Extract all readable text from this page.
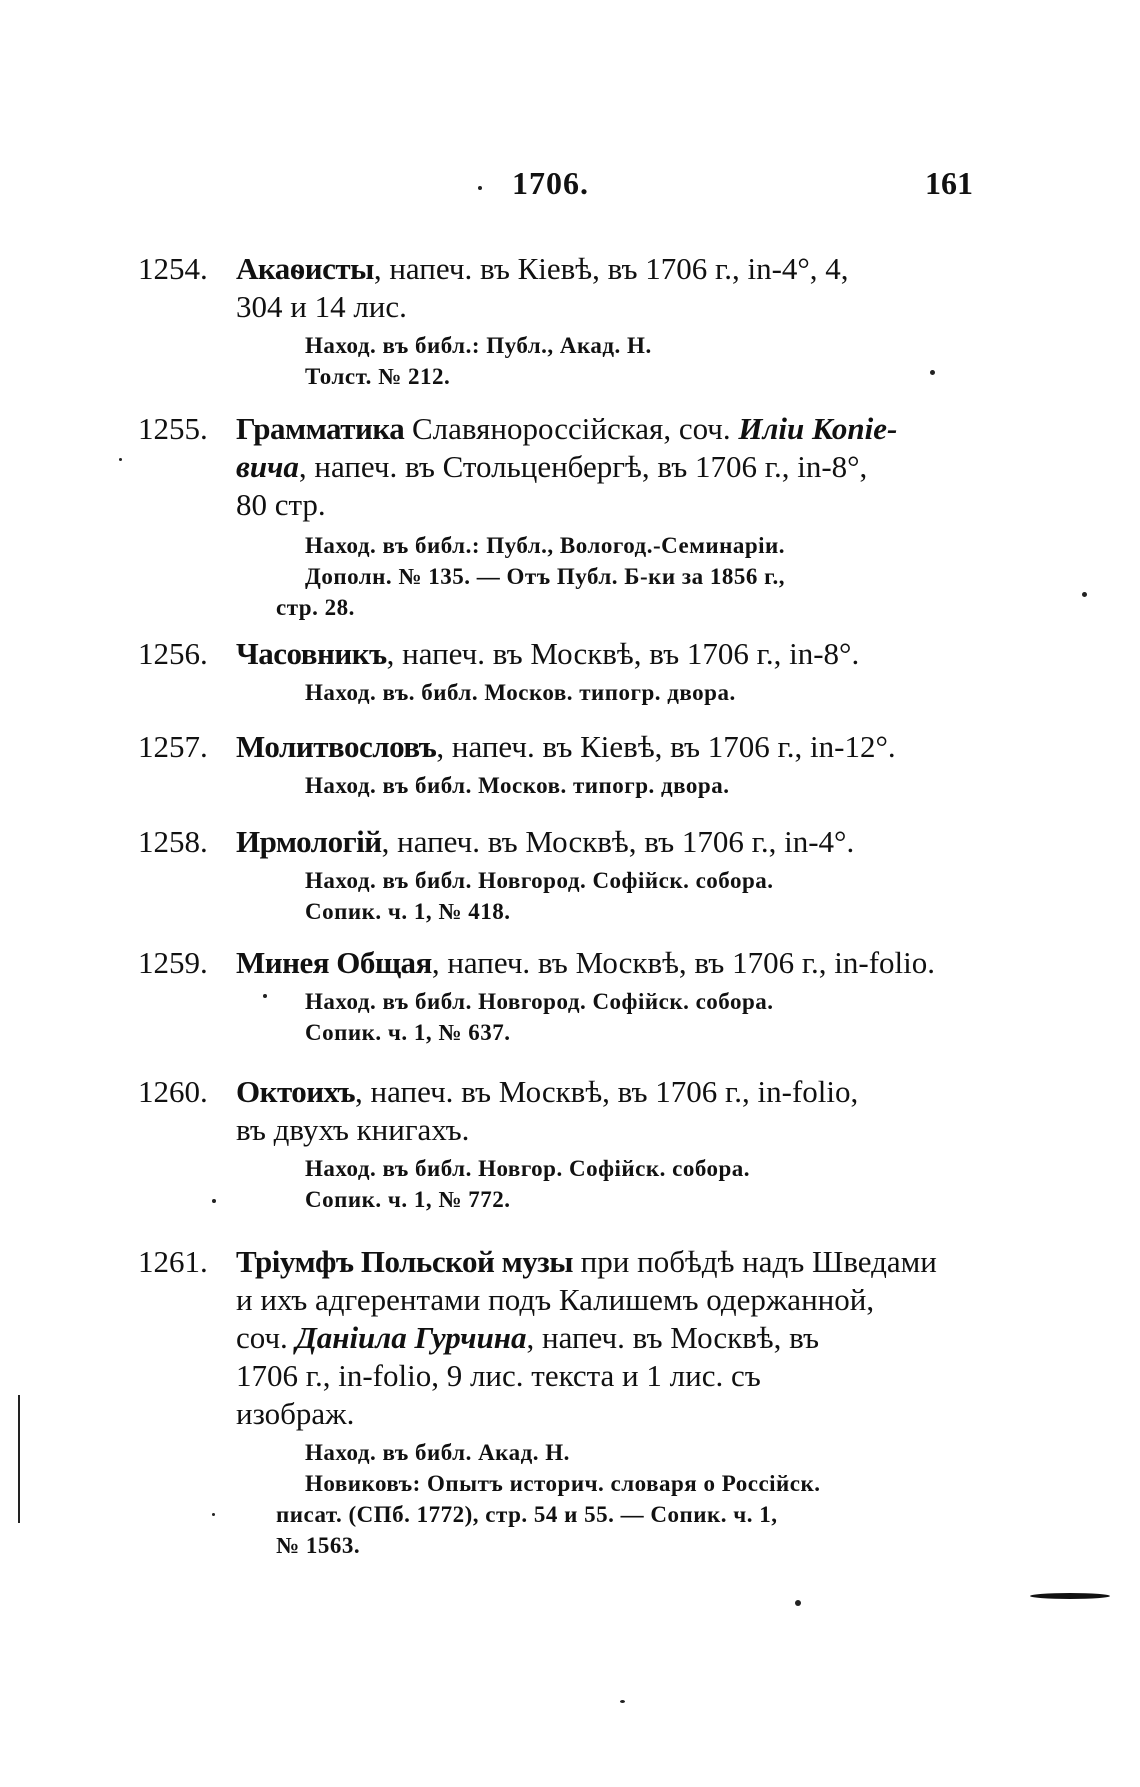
1706.	161
1254. Акаѳисты, напеч. въ Кіевѣ, въ 1706 г., in-4°, 4,
304 и 14 лис.
Наход. въ библ.: Публ., Акад. Н.
Толст. № 212.
1255. Грамматика Славянороссійская, соч. Иліи Копіе-
вича, напеч. въ Стольценбергѣ, въ 1706 г., in-8°,
80 стр.
Наход. въ библ.: Публ., Вологод.-Семинаріи.
Дополн. № 135. — Отъ Публ. Б-ки за 1856 г.,
стр. 28.
1256. Часовникъ, напеч. въ Москвѣ, въ 1706 г., in-8°.
Наход. въ. библ. Москов. типогр. двора.
1257. Молитвословъ, напеч. въ Кіевѣ, въ 1706 г., in-12°.
Наход. въ библ. Москов. типогр. двора.
1258. Ирмологій, напеч. въ Москвѣ, въ 1706 г., in-4°.
Наход. въ библ. Новгород. Софійск. собора.
Сопик. ч. 1, № 418.
1259. Минея Общая, напеч. въ Москвѣ, въ 1706 г., in-folio.
Наход. въ библ. Новгород. Софійск. собора.
Сопик. ч. 1, № 637.
1260. Октоихъ, напеч. въ Москвѣ, въ 1706 г., in-folio,
въ двухъ книгахъ.
Наход. въ библ. Новгор. Софійск. собора.
Сопик. ч. 1, № 772.
1261. Тріумфъ Польской музы при побѣдѣ надъ Шведами
и ихъ адгерентами подъ Калишемъ одержанной,
соч. Даніила Гурчина, напеч. въ Москвѣ, въ
1706 г., in-folio, 9 лис. текста и 1 лис. съ
изображ.
Наход. въ библ. Акад. Н.
Новиковъ: Опытъ историч. словаря о Россійск.
писат. (СПб. 1772), стр. 54 и 55. — Сопик. ч. 1,
№ 1563.
